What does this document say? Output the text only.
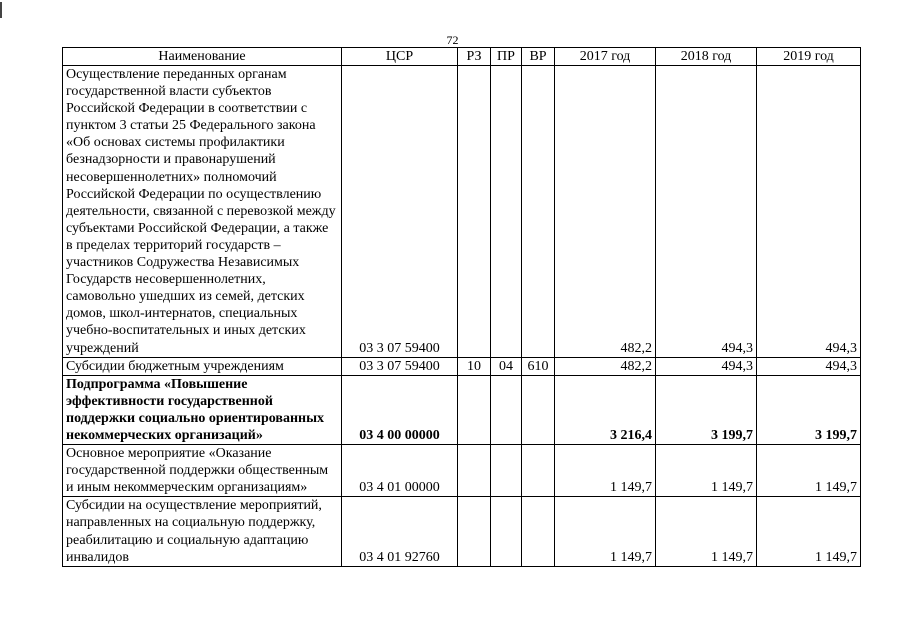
72
Наименование	ЦСР	РЗ	ПР	ВР	2017 год	2018 год	2019 год
Осуществление переданных органам государственной власти субъектов Российской Федерации в соответствии с пунктом 3 статьи 25 Федерального закона «Об основах системы профилактики безнадзорности и правонарушений несовершеннолетних» полномочий Российской Федерации по осуществлению деятельности, связанной с перевозкой между субъектами Российской Федерации, а также в пределах территорий государств – участников Содружества Независимых Государств несовершеннолетних, самовольно ушедших из семей, детских домов, школ-интернатов, специальных учебно-воспитательных и иных детских учреждений	03 3 07 59400				482,2	494,3	494,3
Субсидии бюджетным учреждениям	03 3 07 59400	10	04	610	482,2	494,3	494,3
Подпрограмма «Повышение эффективности государственной поддержки социально ориентированных некоммерческих организаций»	03 4 00 00000				3 216,4	3 199,7	3 199,7
Основное мероприятие «Оказание государственной поддержки общественным и иным некоммерческим организациям»	03 4 01 00000				1 149,7	1 149,7	1 149,7
Субсидии на осуществление мероприятий, направленных на социальную поддержку, реабилитацию и социальную адаптацию инвалидов	03 4 01 92760				1 149,7	1 149,7	1 149,7
